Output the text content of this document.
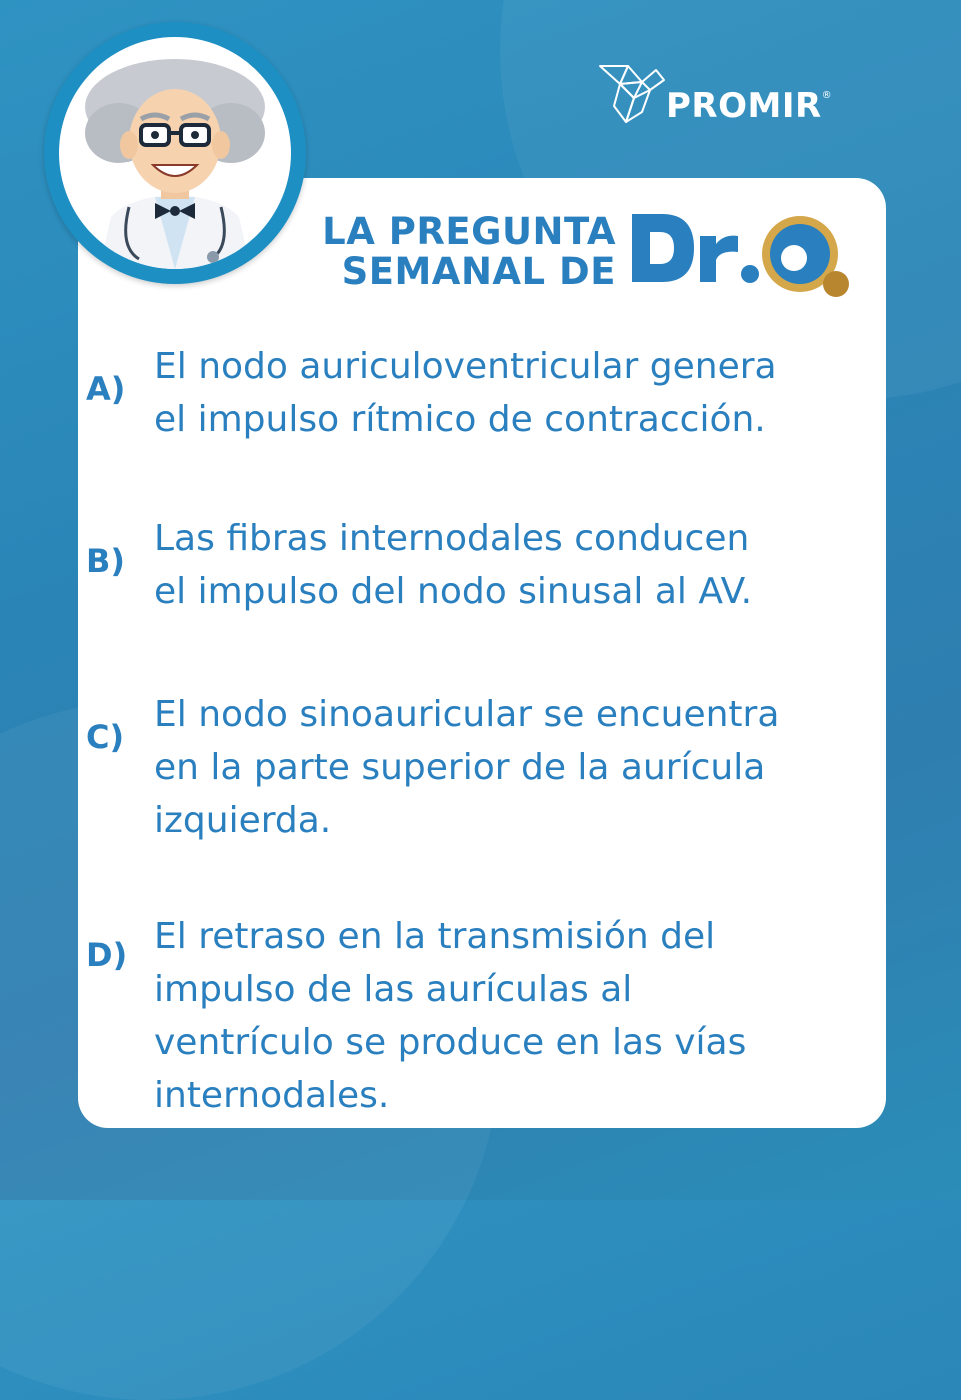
PROMIR®
LA PREGUNTA
SEMANAL DE
A)
El nodo auriculoventricular genera
el impulso rítmico de contracción.
B)
Las fibras internodales conducen
el impulso del nodo sinusal al AV.
C)
El nodo sinoauricular se encuentra
en la parte superior de la aurícula
izquierda.
D) El retraso en la transmisión del
impulso de las aurículas al
ventrículo se produce en las vías
internodales.
